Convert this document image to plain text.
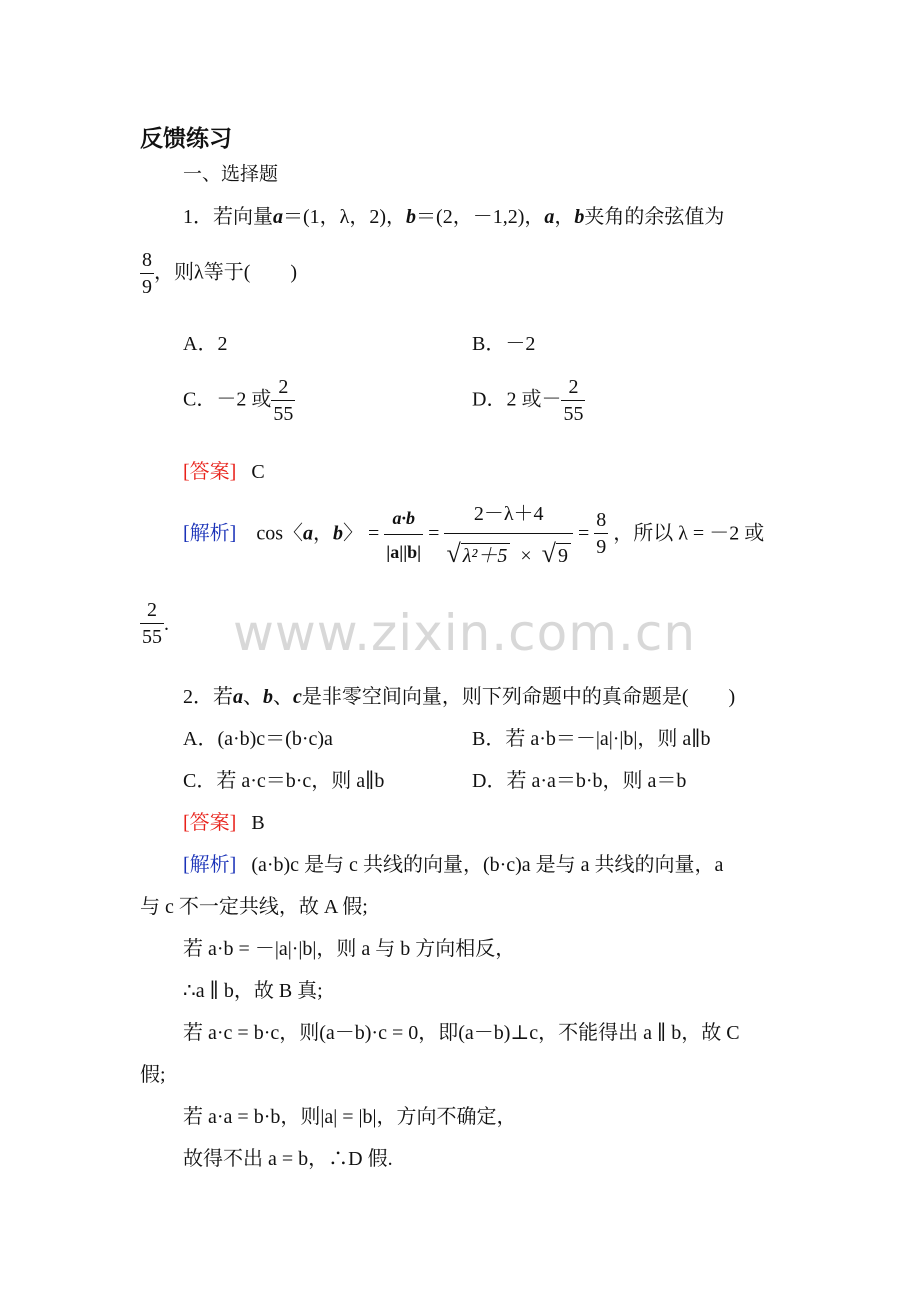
www.zixin.com.cn
反馈练习
一、选择题
1．若向量a＝(1，λ，2)，b＝(2，－1,2)，a，b夹角的余弦值为
$\frac{8}{9}$ ，则λ等于(　　)
A．2	B．－2
C．－2 或 $\frac{2}{55}$	D．2 或－ $\frac{2}{55}$
[答案] C
[解析] cos〈a，b〉 = $\frac{a\cdot b}{|a||b|} = \frac{2-\lambda+4}{\text{√ λ²＋5 × √ 9}} = \frac{8}{9}$ ，所以 λ = －2 或
$\frac{2}{55}$ .
2．若a、b、c是非零空间向量，则下列命题中的真命题是(　　)
A．(a·b)c＝(b·c)a	B．若 a·b＝－|a|·|b|，则 a∥b
C．若 a·c＝b·c，则 a∥b	D．若 a·a＝b·b，则 a＝b
[答案] B
[解析] (a·b)c 是与 c 共线的向量，(b·c)a 是与 a 共线的向量，a
与 c 不一定共线，故 A 假;
若 a·b = －|a|·|b|，则 a 与 b 方向相反，
∴a ∥ b，故 B 真;
若 a·c = b·c，则(a－b)·c = 0，即(a－b)⊥c，不能得出 a ∥ b，故 C
假;
若 a·a = b·b，则|a| = |b|，方向不确定，
故得不出 a = b，∴D 假.
